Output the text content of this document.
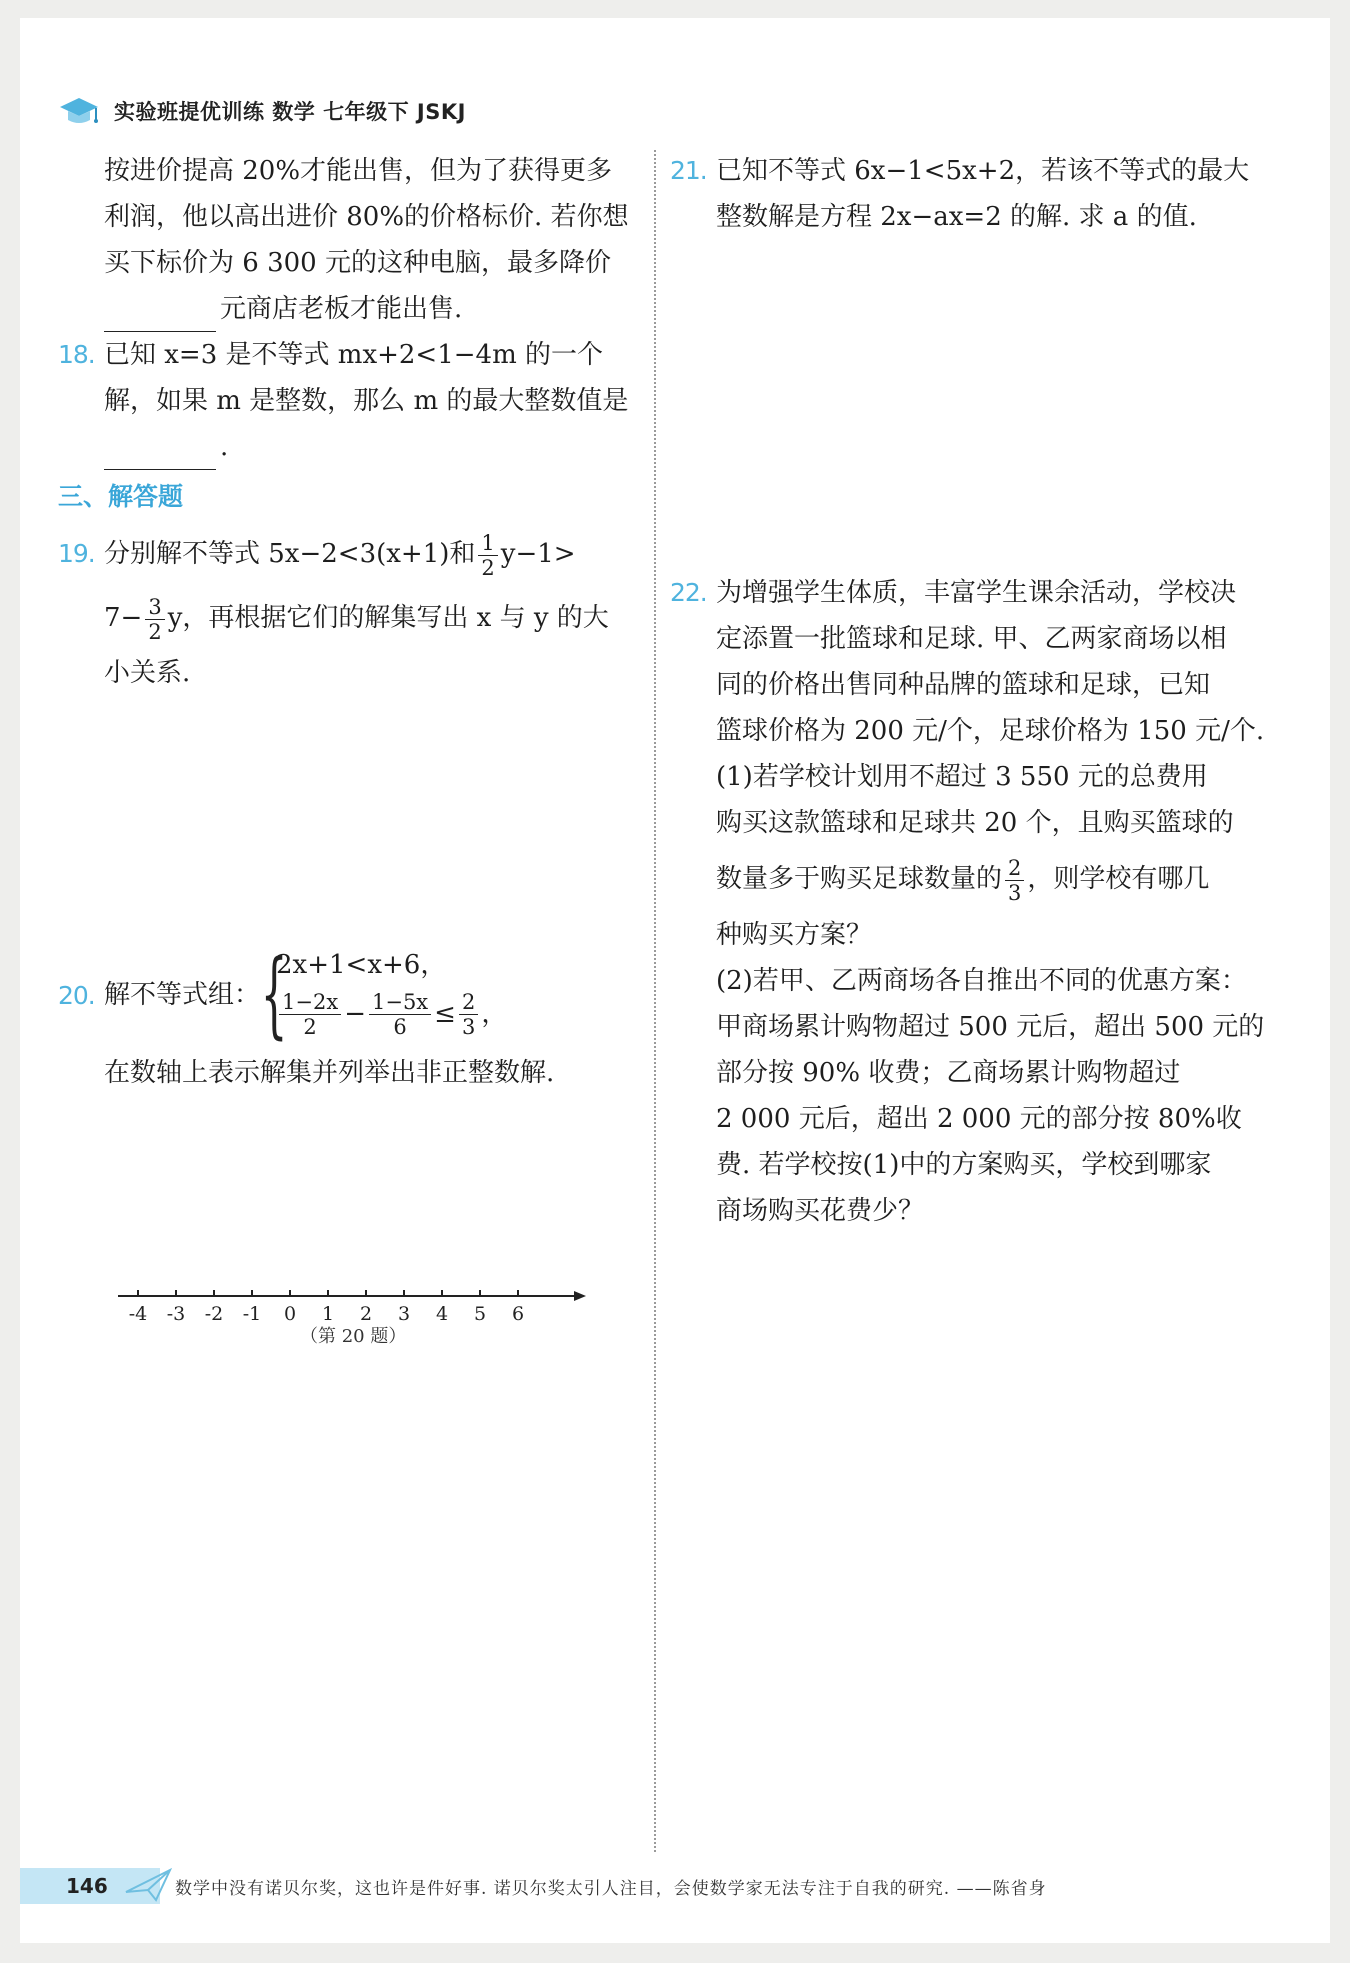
实验班提优训练 数学 七年级下 JSKJ
按进价提高 20%才能出售，但为了获得更多
利润，他以高出进价 80%的价格标价. 若你想
买下标价为 6 300 元的这种电脑，最多降价
元商店老板才能出售.
18. 已知 x=3 是不等式 mx+2<1−4m 的一个
解，如果 m 是整数，那么 m 的最大整数值是
.
三、解答题
19. 分别解不等式 5x−2<3(x+1)和 $\frac{1}{2} y-1>$
$7- \frac{3}{2}$ y，再根据它们的解集写出 x 与 y 的大
小关系.
20. 解不等式组： {
2x+1<x+6，
$\frac{1-2x}{2} - \frac{1-5x}{6} \le \frac{2}{3}$ ，
在数轴上表示解集并列举出非正整数解.
-4 -3 -2 -1 0 1 2 3 4 5 6
（第 20 题）
21. 已知不等式 6x−1<5x+2，若该不等式的最大
整数解是方程 2x−ax=2 的解. 求 a 的值.
22. 为增强学生体质，丰富学生课余活动，学校决
定添置一批篮球和足球. 甲、乙两家商场以相
同的价格出售同种品牌的篮球和足球，已知
篮球价格为 200 元/个，足球价格为 150 元/个.
(1)若学校计划用不超过 3 550 元的总费用
购买这款篮球和足球共 20 个，且购买篮球的
数量多于购买足球数量的 $\frac{2}{3}$ ，则学校有哪几
种购买方案？
(2)若甲、乙两商场各自推出不同的优惠方案：
甲商场累计购物超过 500 元后，超出 500 元的
部分按 90% 收费；乙商场累计购物超过
2 000 元后，超出 2 000 元的部分按 80%收
费. 若学校按(1)中的方案购买，学校到哪家
商场购买花费少？
146	数学中没有诺贝尔奖，这也许是件好事. 诺贝尔奖太引人注目，会使数学家无法专注于自我的研究. ——陈省身
